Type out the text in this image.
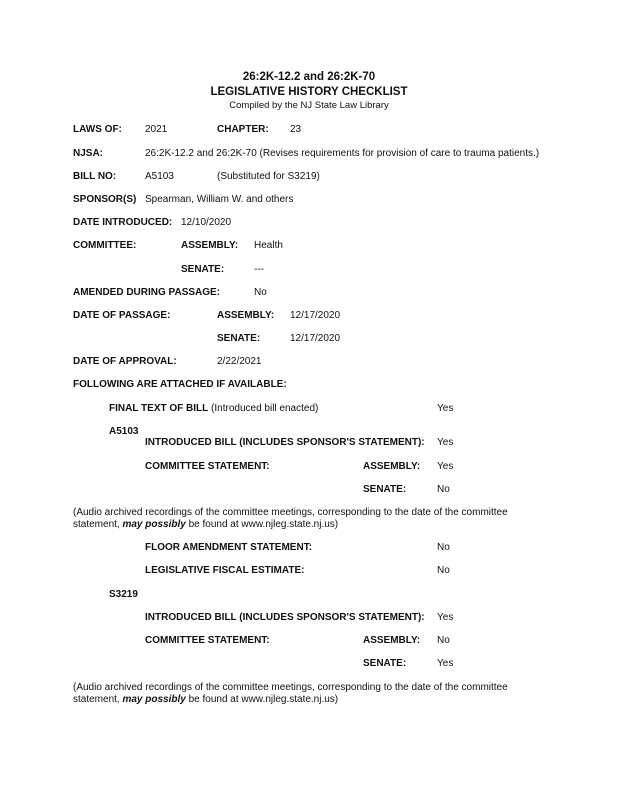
26:2K-12.2 and 26:2K-70
LEGISLATIVE HISTORY CHECKLIST
Compiled by the NJ State Law Library
LAWS OF: 2021	CHAPTER: 23
NJSA:	26:2K-12.2 and 26:2K-70 (Revises requirements for provision of care to trauma patients.)
BILL NO:	A5103	(Substituted for S3219)
SPONSOR(S) Spearman, William W. and others
DATE INTRODUCED: 12/10/2020
COMMITTEE:	ASSEMBLY: Health
SENATE:	---
AMENDED DURING PASSAGE:	No
DATE OF PASSAGE:	ASSEMBLY: 12/17/2020
SENATE:	12/17/2020
DATE OF APPROVAL:	2/22/2021
FOLLOWING ARE ATTACHED IF AVAILABLE:
FINAL TEXT OF BILL (Introduced bill enacted)	Yes
A5103
INTRODUCED BILL (INCLUDES SPONSOR'S STATEMENT): Yes
COMMITTEE STATEMENT:	ASSEMBLY: Yes
SENATE:	No
(Audio archived recordings of the committee meetings, corresponding to the date of the committee
statement, may possibly be found at www.njleg.state.nj.us)
FLOOR AMENDMENT STATEMENT:	No
LEGISLATIVE FISCAL ESTIMATE:	No
S3219
INTRODUCED BILL (INCLUDES SPONSOR'S STATEMENT): Yes
COMMITTEE STATEMENT:	ASSEMBLY: No
SENATE:	Yes
(Audio archived recordings of the committee meetings, corresponding to the date of the committee
statement, may possibly be found at www.njleg.state.nj.us)
